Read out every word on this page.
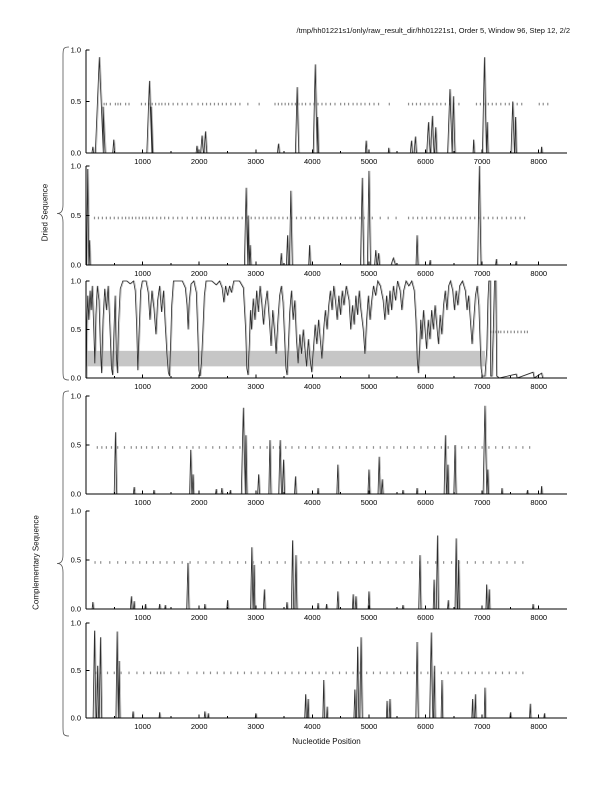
/tmp/hh01221s1/only/raw_result_dir/hh01221s1, Order 5, Window 96, Step 12, 2/2
1.0
0.5
0.0
1000	2000	3000	4000	5000	6000	7000	8000
1.0
0.5
0.0
1000	2000	3000	4000	5000	6000	7000	8000
1.0
0.5
0.0
1000	2000	3000	4000	5000	6000	7000	8000
1.0
0.5
0.0
1000	2000	3000	4000	5000	6000	7000	8000
1.0
0.5
0.0
1000	2000	3000	4000	5000	6000	7000	8000
1.0
0.5
0.0
1000	2000	3000	4000	5000	6000	7000	8000
Dried Sequence
Complementary Sequence
Nucleotide Position
